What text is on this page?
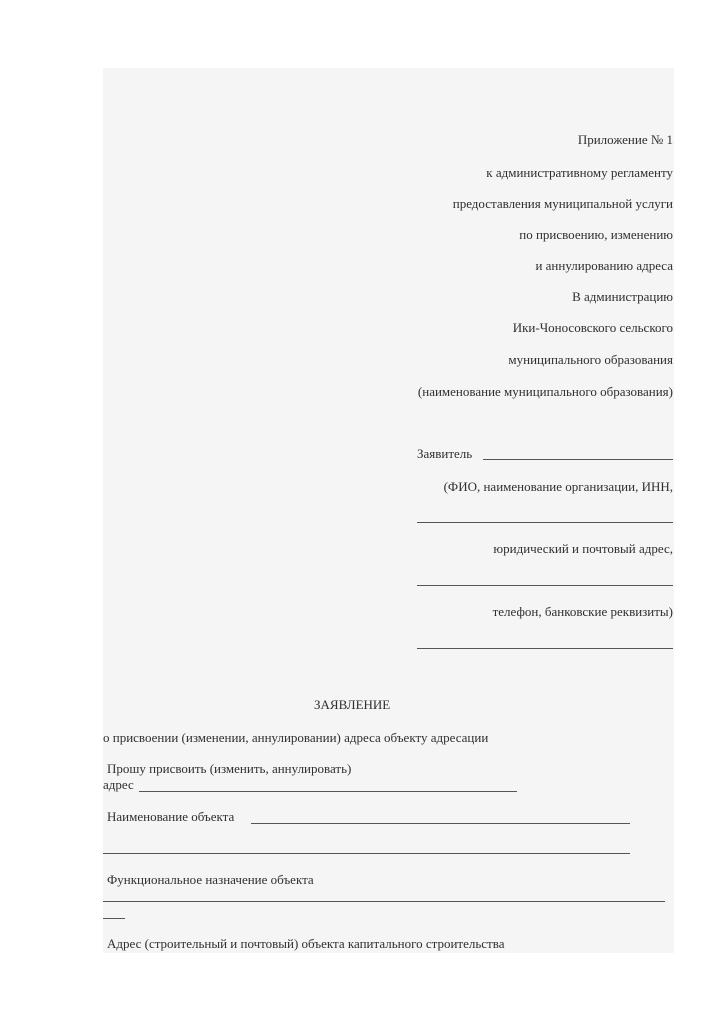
Приложение № 1
к административному регламенту
предоставления муниципальной услуги
по присвоению, изменению
и аннулированию адреса
В администрацию
Ики-Чоносовского сельского
муниципального образования
(наименование муниципального образования)
Заявитель
(ФИО, наименование организации, ИНН,
юридический и почтовый адрес,
телефон, банковские реквизиты)
ЗАЯВЛЕНИЕ
о присвоении (изменении, аннулировании) адреса объекту адресации
Прошу присвоить (изменить, аннулировать)
адрес
Наименование объекта
Функциональное назначение объекта
Адрес (строительный и почтовый) объекта капитального строительства
